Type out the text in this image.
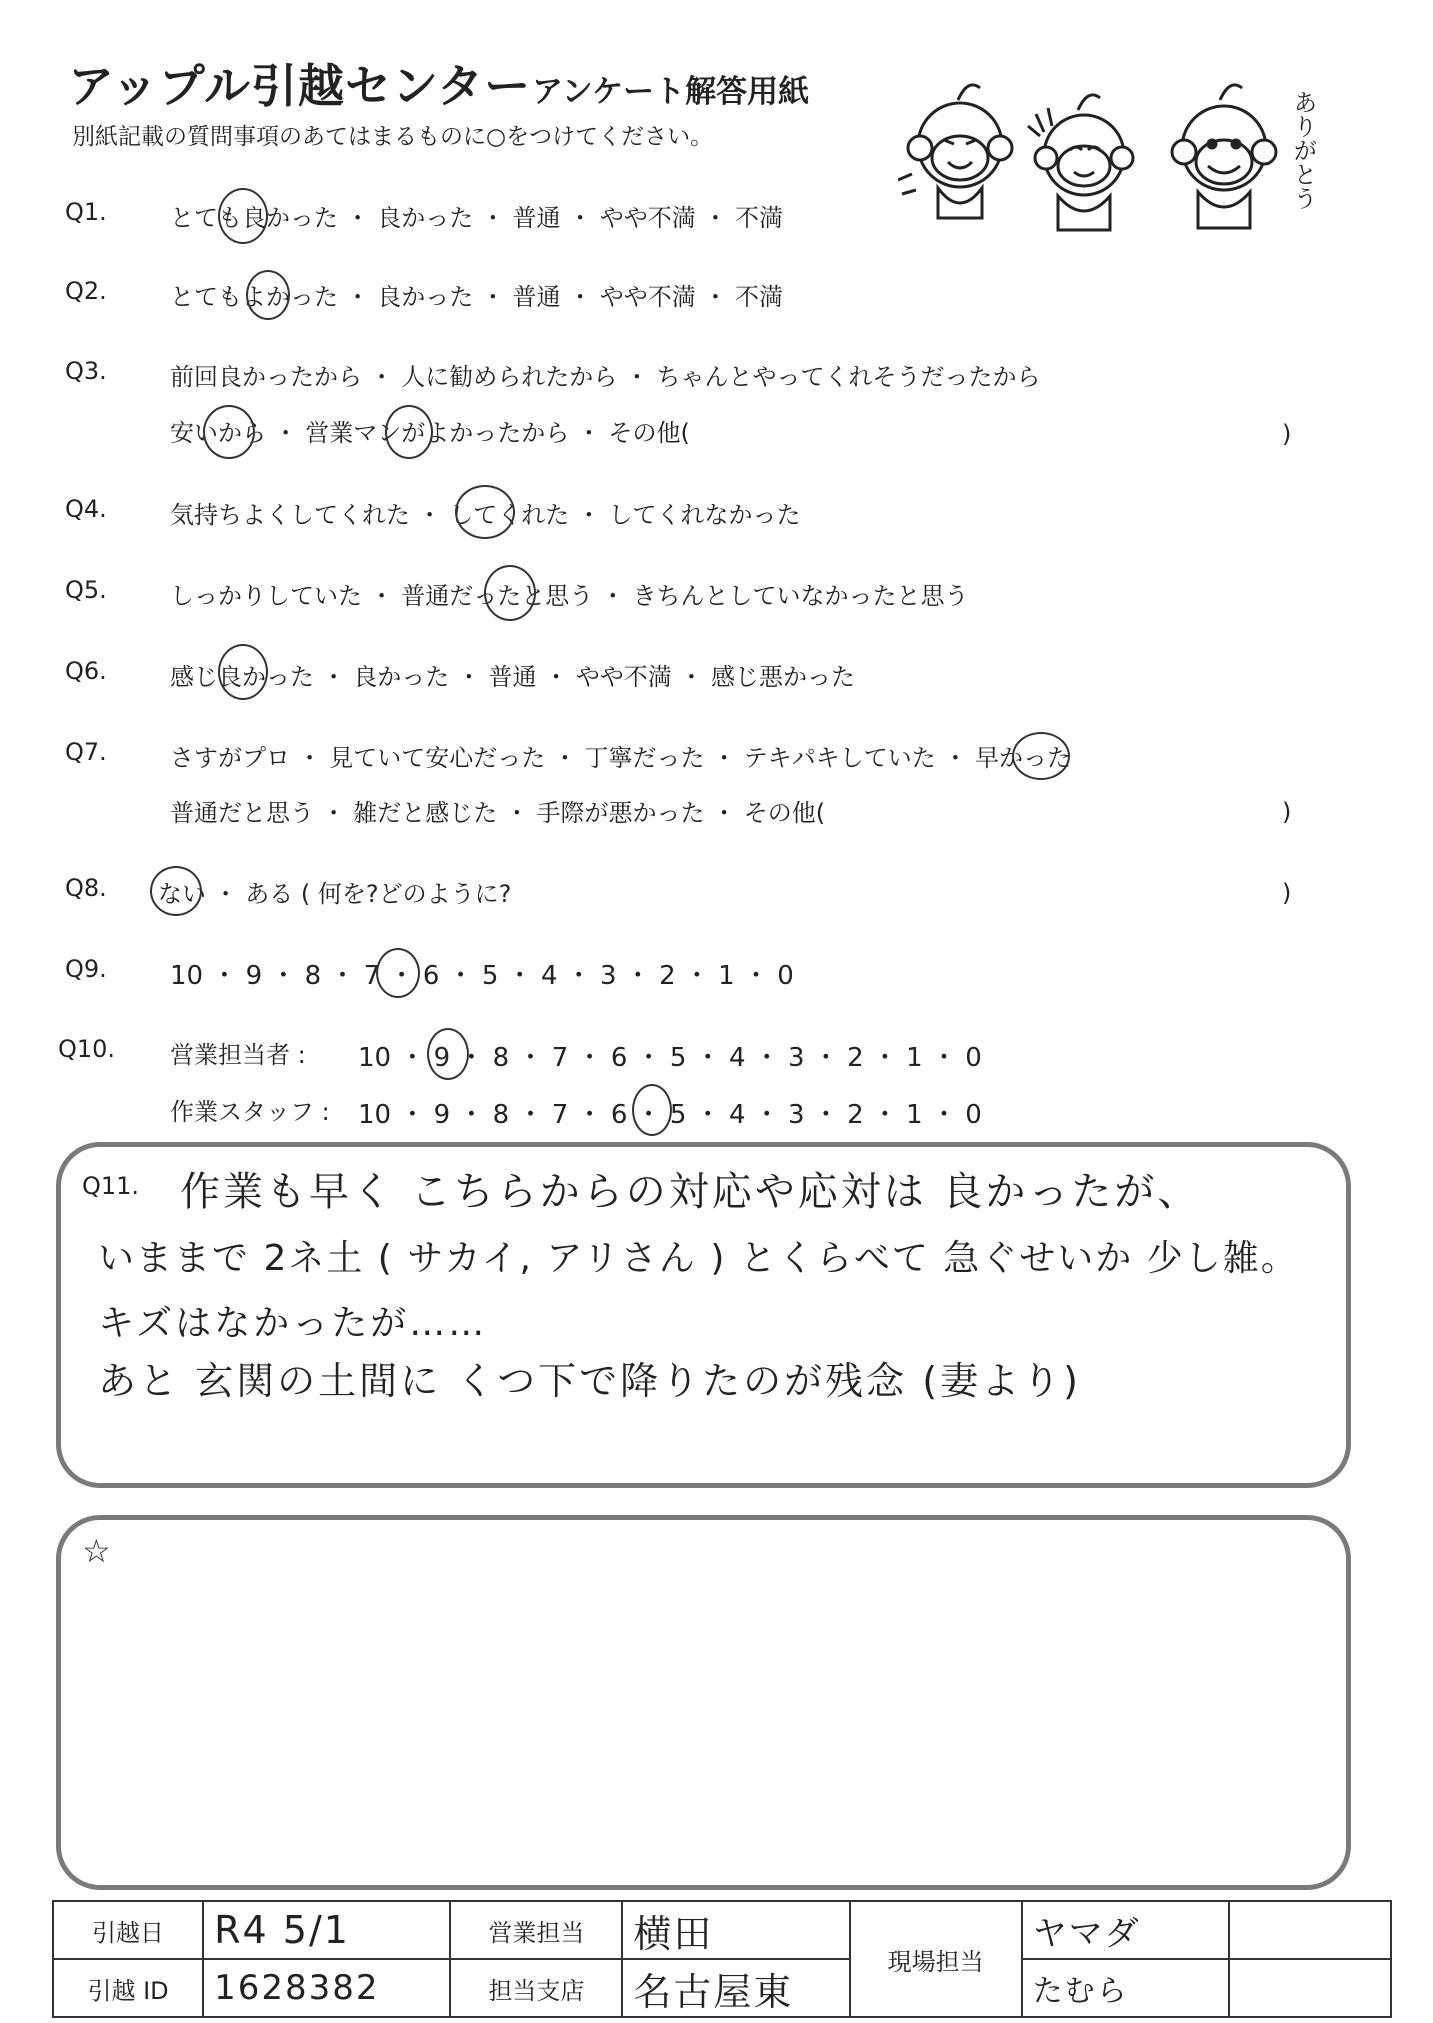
アップル引越センター アンケート解答用紙
別紙記載の質問事項のあてはまるものに○をつけてください。	ありがとう
Q1.	とても良かった ・ 良かった ・ 普通 ・ やや不満 ・ 不満
Q2.	とてもよかった ・ 良かった ・ 普通 ・ やや不満 ・ 不満
Q3.	前回良かったから ・ 人に勧められたから ・ ちゃんとやってくれそうだったから
安いから ・ 営業マンがよかったから ・ その他(	)
Q4.	気持ちよくしてくれた ・ してくれた ・ してくれなかった
Q5.	しっかりしていた ・ 普通だったと思う ・ きちんとしていなかったと思う
Q6.	感じ良かった ・ 良かった ・ 普通 ・ やや不満 ・ 感じ悪かった
Q7.	さすがプロ ・ 見ていて安心だった ・ 丁寧だった ・ テキパキしていた ・ 早かった
普通だと思う ・ 雑だと感じた ・ 手際が悪かった ・ その他(	)
Q8. ない ・ ある ( 何を?どのように?	)
Q9. 10 ・ 9 ・ 8 ・ 7 ・ 6 ・ 5 ・ 4 ・ 3 ・ 2 ・ 1 ・ 0
Q10. 営業担当者 : 10 ・ 9 ・ 8 ・ 7 ・ 6 ・ 5 ・ 4 ・ 3 ・ 2 ・ 1 ・ 0
作業スタッフ : 10 ・ 9 ・ 8 ・ 7 ・ 6 ・ 5 ・ 4 ・ 3 ・ 2 ・ 1 ・ 0
Q11. 作業も早く こちらからの対応や応対は 良かったが、
いままで 2ネ土 ( サカイ, アリさん ) とくらべて 急ぐせいか 少し雑。
キズはなかったが……
あと 玄関の土間に くつ下で降りたのが残念 (妻より)
☆
引越日	R4 5/1	営業担当	横田	現場担当	ヤマダ	
引越 ID	1628382	担当支店	名古屋東		たむら	
